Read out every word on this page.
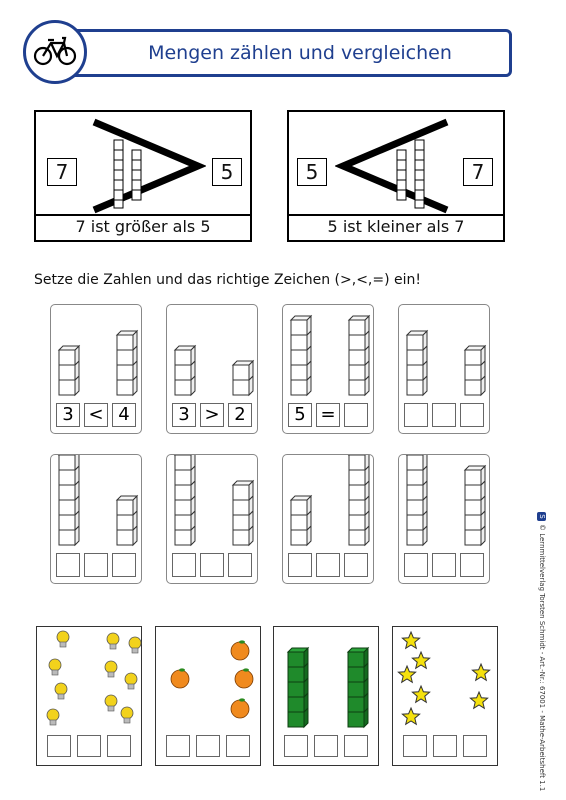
Mengen zählen und vergleichen
7	5
7 ist größer als 5
5	7
5 ist kleiner als 7
Setze die Zahlen und das richtige Zeichen (>,<,=) ein!
3 < 4	3 > 2	5 =
S© Lernmittelverlag Torsten Schmidt - Art.-Nr.: 67001 - Mathe-Arbeitsheft 1.1
